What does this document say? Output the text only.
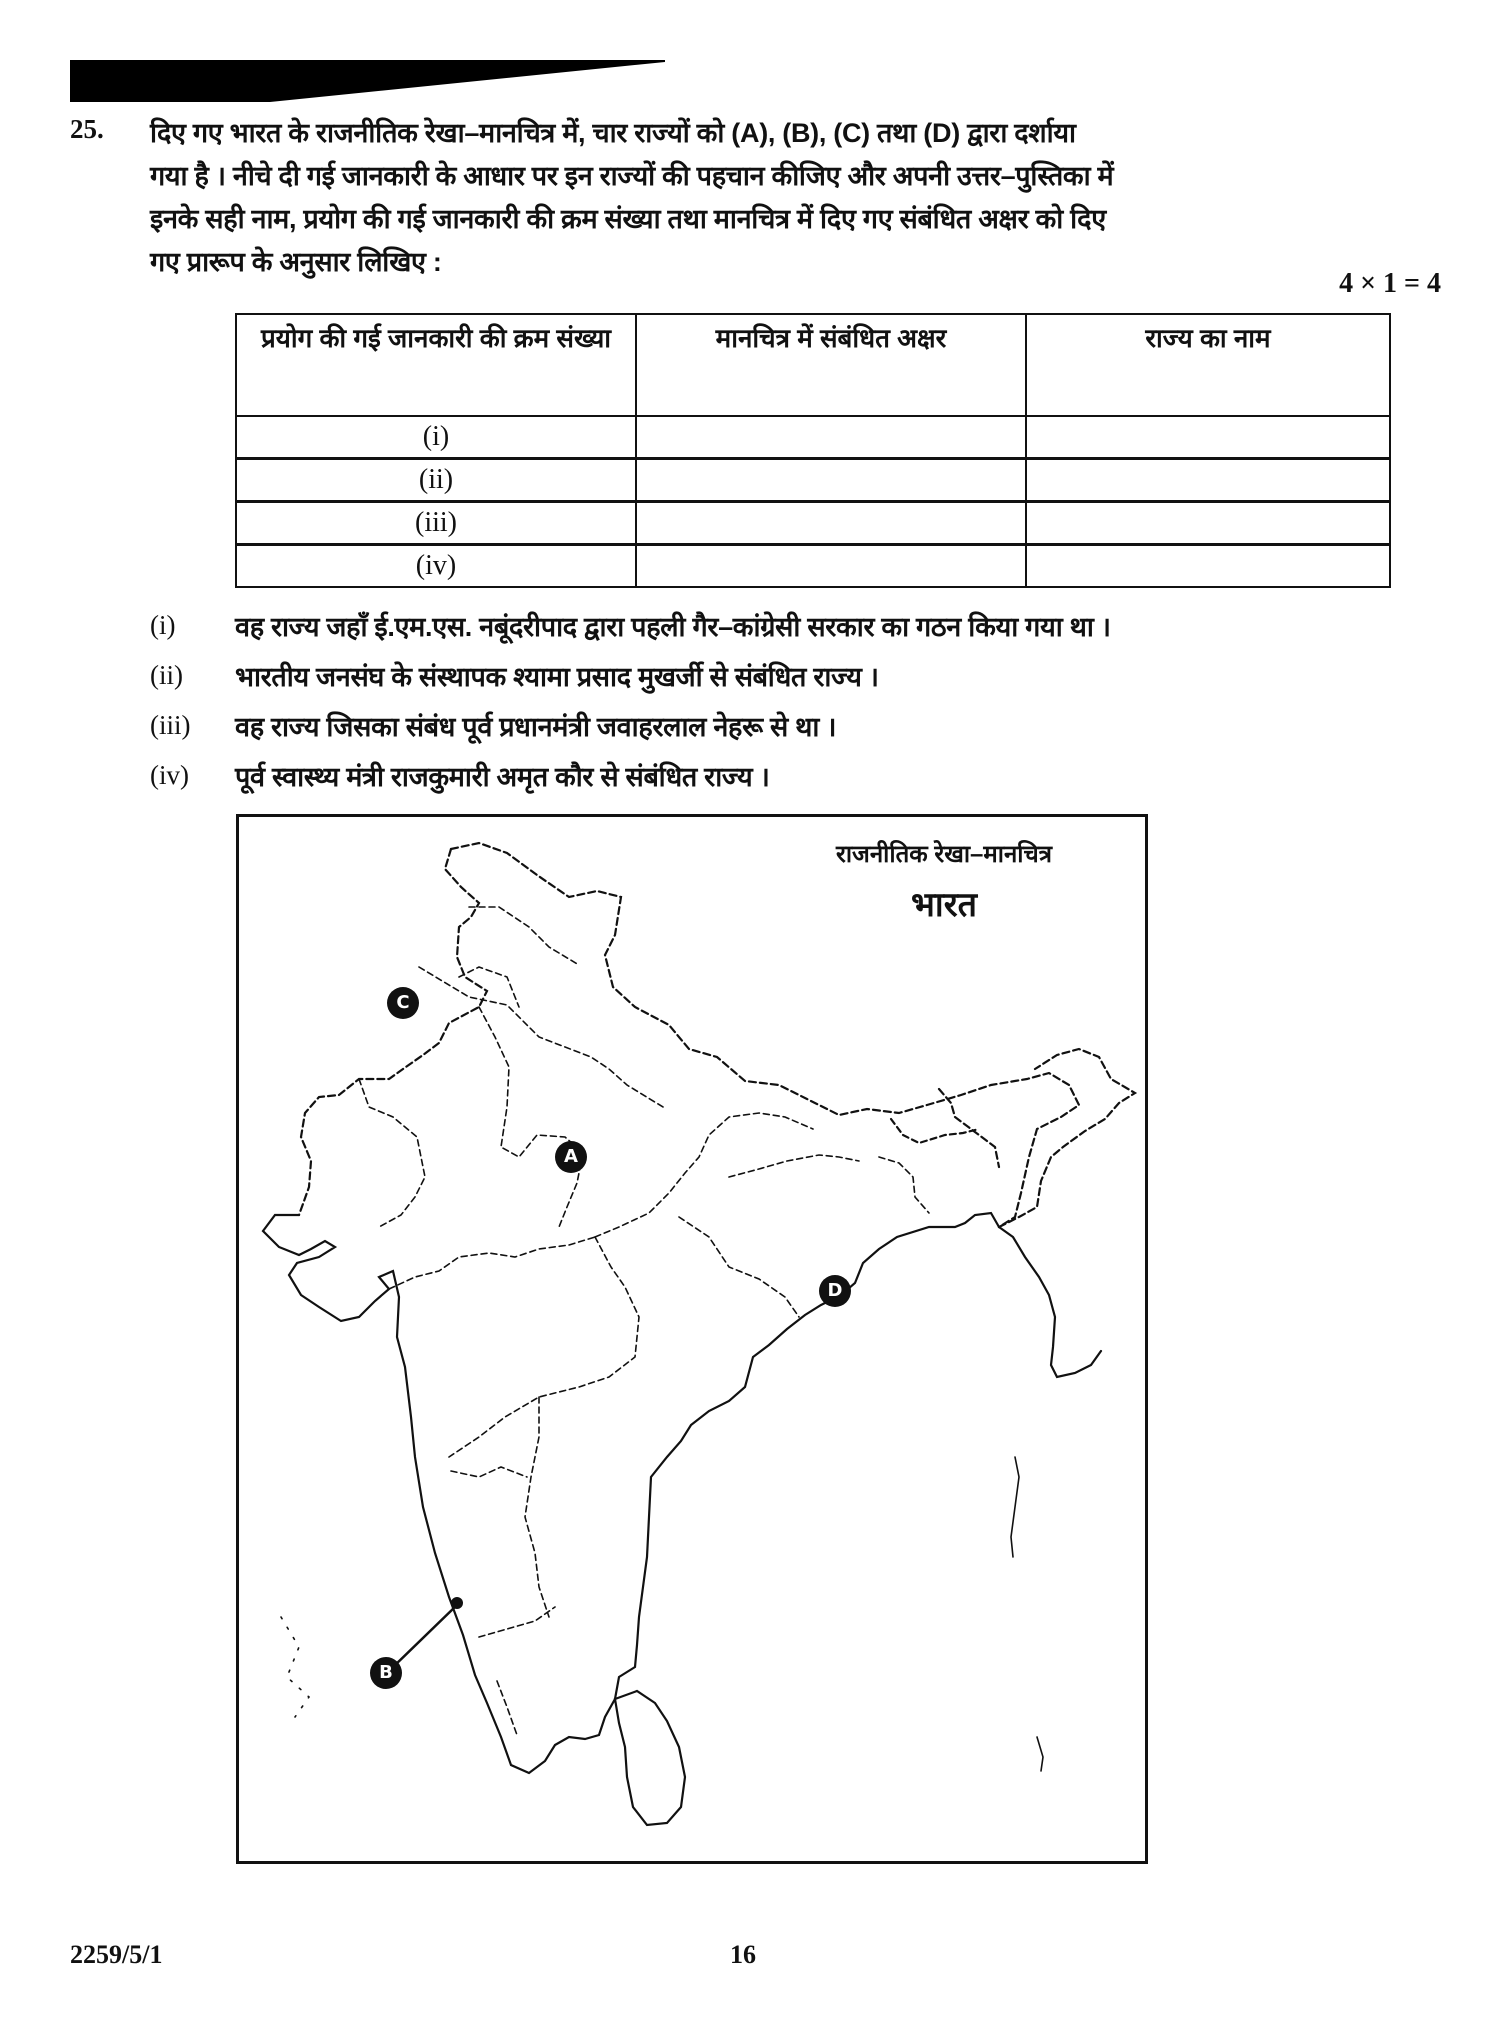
25. दिए गए भारत के राजनीतिक रेखा–मानचित्र में, चार राज्यों को (A), (B), (C) तथा (D) द्वारा दर्शाया
गया है । नीचे दी गई जानकारी के आधार पर इन राज्यों की पहचान कीजिए और अपनी उत्तर–पुस्तिका में
इनके सही नाम, प्रयोग की गई जानकारी की क्रम संख्या तथा मानचित्र में दिए गए संबंधित अक्षर को दिए
गए प्रारूप के अनुसार लिखिए :
4 × 1 = 4
प्रयोग की गई जानकारी की क्रम संख्या	मानचित्र में संबंधित अक्षर	राज्य का नाम
(i)		
(ii)		
(iii)		
(iv)		
(i)	वह राज्य जहाँ ई.एम.एस. नबूंदरीपाद द्वारा पहली गैर–कांग्रेसी सरकार का गठन किया गया था ।
(ii)	भारतीय जनसंघ के संस्थापक श्यामा प्रसाद मुखर्जी से संबंधित राज्य ।
(iii)	वह राज्य जिसका संबंध पूर्व प्रधानमंत्री जवाहरलाल नेहरू से था ।
(iv)	पूर्व स्वास्थ्य मंत्री राजकुमारी अमृत कौर से संबंधित राज्य ।
राजनीतिक रेखा–मानचित्र
भारत
A
B
C
D
2259/5/1	16
